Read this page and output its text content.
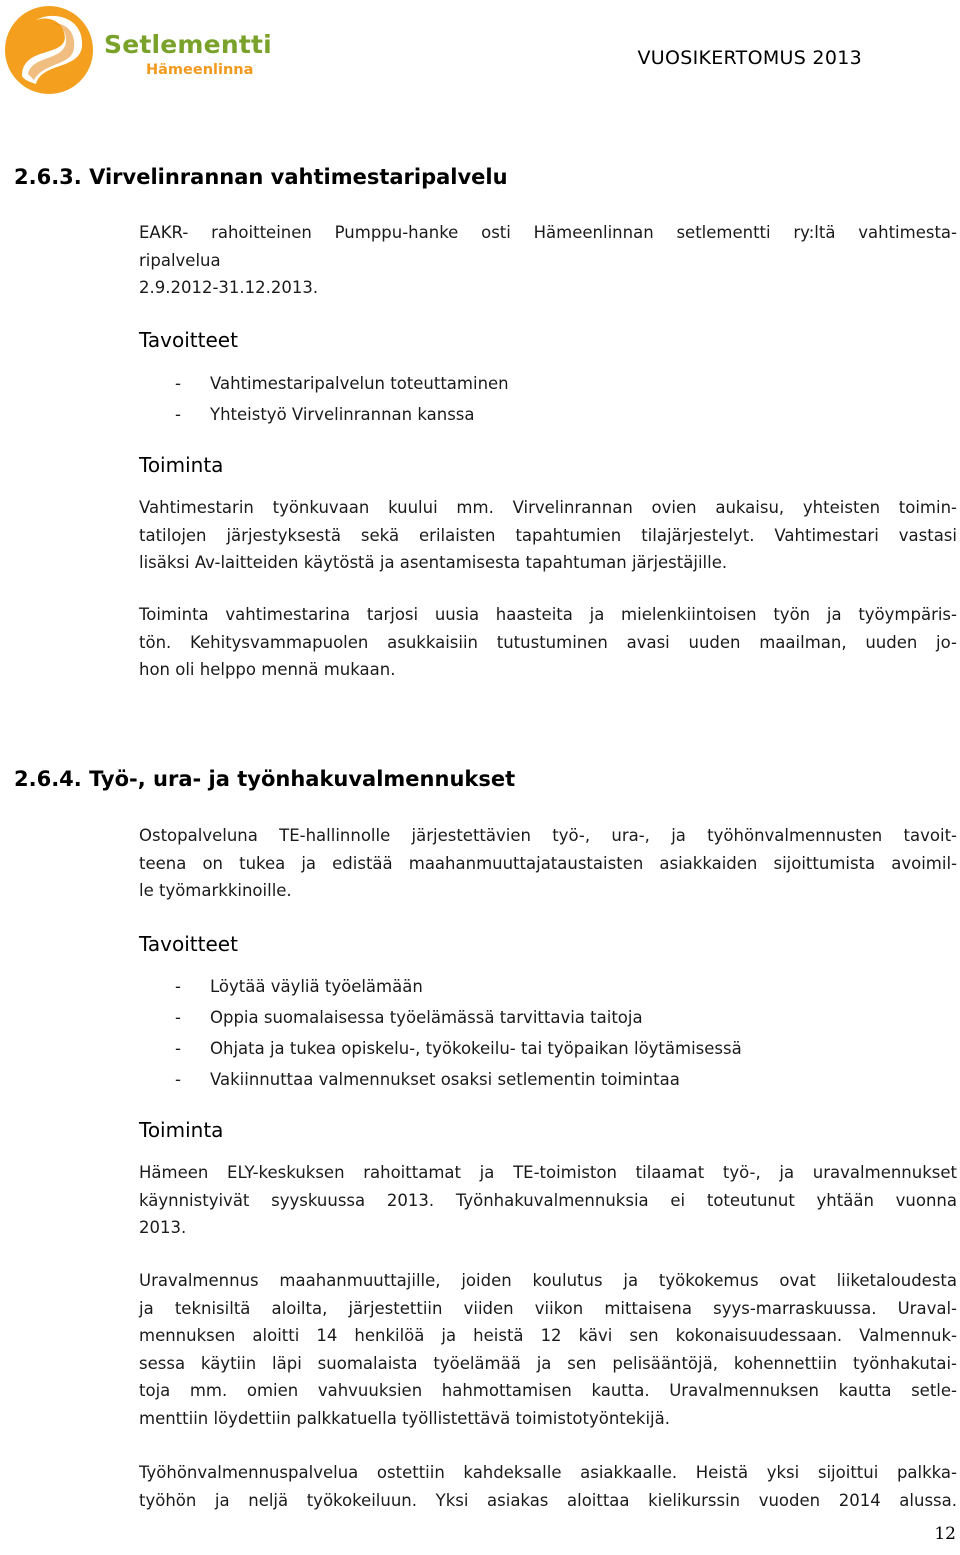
Setlementti
Hämeenlinna
VUOSIKERTOMUS 2013
2.6.3. Virvelinrannan vahtimestaripalvelu
EAKR- rahoitteinen Pumppu-hanke osti Hämeenlinnan setlementti ry:ltä vahtimesta-
ripalvelua
2.9.2012-31.12.2013.
Tavoitteet
- Vahtimestaripalvelun toteuttaminen
- Yhteistyö Virvelinrannan kanssa
Toiminta
Vahtimestarin työnkuvaan kuului mm. Virvelinrannan ovien aukaisu, yhteisten toimin-
tatilojen järjestyksestä sekä erilaisten tapahtumien tilajärjestelyt. Vahtimestari vastasi
lisäksi Av-laitteiden käytöstä ja asentamisesta tapahtuman järjestäjille.
Toiminta vahtimestarina tarjosi uusia haasteita ja mielenkiintoisen työn ja työympäris-
tön. Kehitysvammapuolen asukkaisiin tutustuminen avasi uuden maailman, uuden jo-
hon oli helppo mennä mukaan.
2.6.4. Työ-, ura- ja työnhakuvalmennukset
Ostopalveluna TE-hallinnolle järjestettävien työ-, ura-, ja työhönvalmennusten tavoit-
teena on tukea ja edistää maahanmuuttajataustaisten asiakkaiden sijoittumista avoimil-
le työmarkkinoille.
Tavoitteet
- Löytää väyliä työelämään
- Oppia suomalaisessa työelämässä tarvittavia taitoja
- Ohjata ja tukea opiskelu-, työkokeilu- tai työpaikan löytämisessä
- Vakiinnuttaa valmennukset osaksi setlementin toimintaa
Toiminta
Hämeen ELY-keskuksen rahoittamat ja TE-toimiston tilaamat työ-, ja uravalmennukset
käynnistyivät syyskuussa 2013. Työnhakuvalmennuksia ei toteutunut yhtään vuonna
2013.
Uravalmennus maahanmuuttajille, joiden koulutus ja työkokemus ovat liiketaloudesta
ja teknisiltä aloilta, järjestettiin viiden viikon mittaisena syys-marraskuussa. Uraval-
mennuksen aloitti 14 henkilöä ja heistä 12 kävi sen kokonaisuudessaan. Valmennuk-
sessa käytiin läpi suomalaista työelämää ja sen pelisääntöjä, kohennettiin työnhakutai-
toja mm. omien vahvuuksien hahmottamisen kautta. Uravalmennuksen kautta setle-
menttiin löydettiin palkkatuella työllistettävä toimistotyöntekijä.
Työhönvalmennuspalvelua ostettiin kahdeksalle asiakkaalle. Heistä yksi sijoittui palkka-
työhön ja neljä työkokeiluun. Yksi asiakas aloittaa kielikurssin vuoden 2014 alussa.
12
